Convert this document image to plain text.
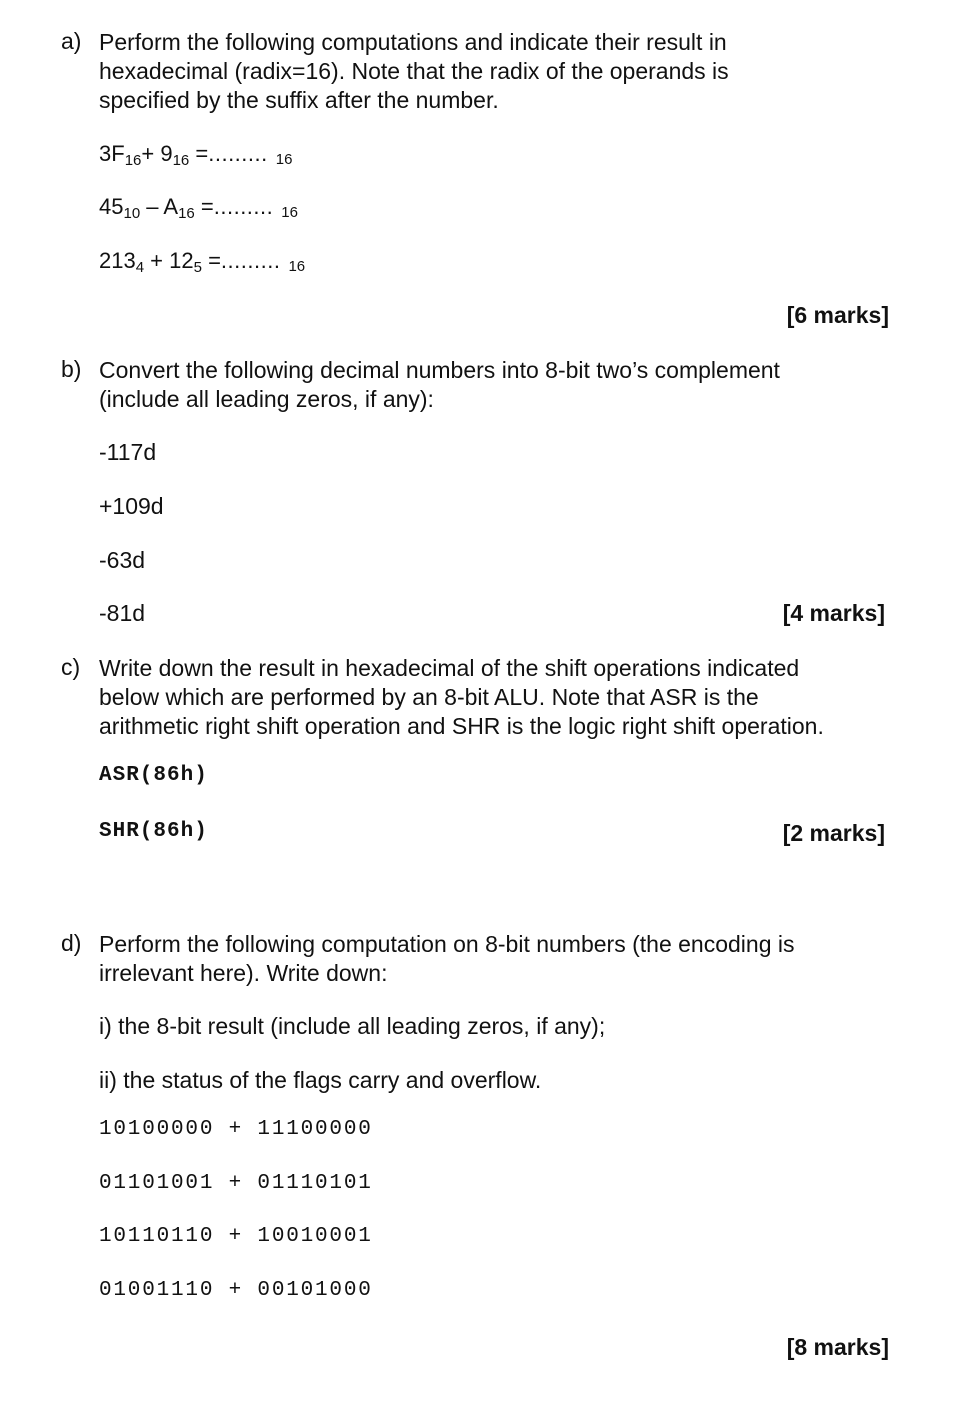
a) Perform the following computations and indicate their result in
hexadecimal (radix=16). Note that the radix of the operands is
specified by the suffix after the number.
$3F_{16}+ 9_{16}$ =......... 16
$45_{10} - A_{16}$ =......... 16
$213_4 + 12_5$ =......... 16
[6 marks]
b) Convert the following decimal numbers into 8-bit two’s complement
(include all leading zeros, if any):
-117d
+109d
-63d
-81d	[4 marks]
c) Write down the result in hexadecimal of the shift operations indicated
below which are performed by an 8-bit ALU. Note that ASR is the
arithmetic right shift operation and SHR is the logic right shift operation.
ASR(86h)
SHR(86h)	[2 marks]
d) Perform the following computation on 8-bit numbers (the encoding is
irrelevant here). Write down:
i) the 8-bit result (include all leading zeros, if any);
ii) the status of the flags carry and overflow.
10100000 + 11100000
01101001 + 01110101
10110110 + 10010001
01001110 + 00101000
[8 marks]
